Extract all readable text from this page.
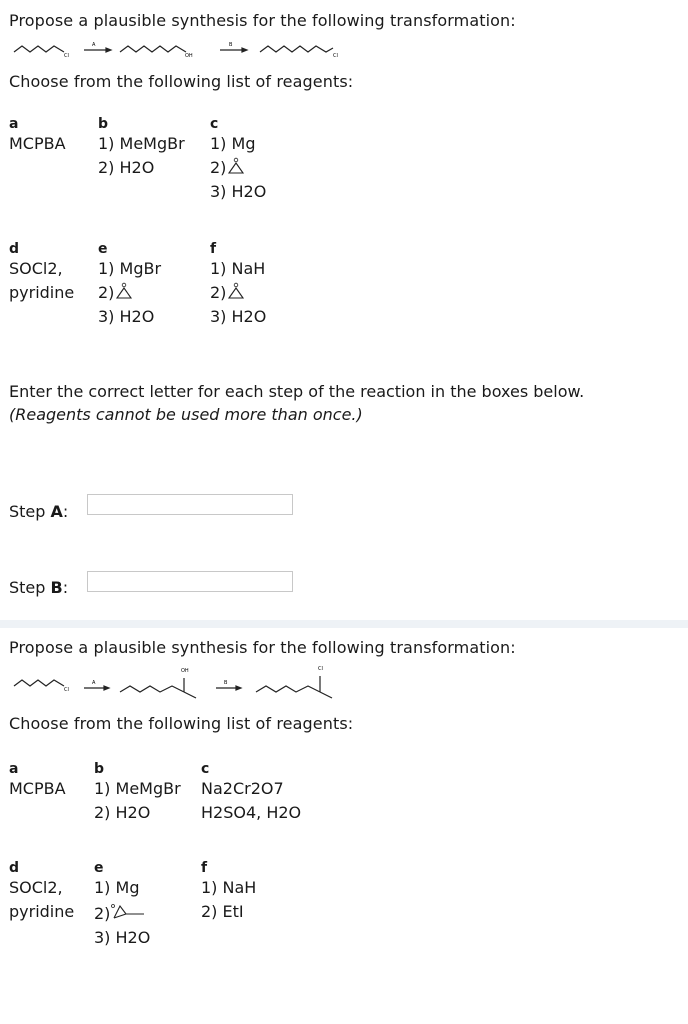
Propose a plausible synthesis for the following transformation:
Cl
A
OH
B
Cl
Choose from the following list of reagents:
a
MCPBA
b
1) MeMgBr
2) H2O
c
1) Mg
2)
3) H2O
d
SOCl2,
pyridine
e
1) MgBr
2)
3) H2O
f
1) NaH
2)
3) H2O
Enter the correct letter for each step of the reaction in the boxes below.
(Reagents cannot be used more than once.)
Step A:
Step B:
Propose a plausible synthesis for the following transformation:
Cl
A
OH
B
Cl
Choose from the following list of reagents:
a
MCPBA
b
1) MeMgBr
2) H2O
c
Na2Cr2O7
H2SO4, H2O
d
SOCl2,
pyridine
e
1) Mg
2)
3) H2O
f
1) NaH
2) EtI
